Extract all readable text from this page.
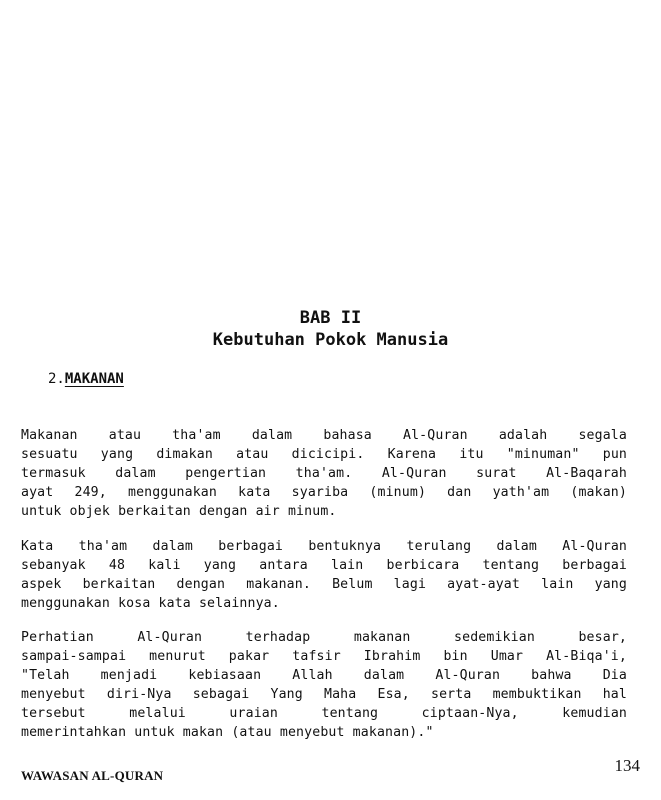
BAB II
Kebutuhan Pokok Manusia
2.MAKANAN
Makanan atau tha'am dalam bahasa Al-Quran adalah segala
sesuatu yang dimakan atau dicicipi. Karena itu "minuman" pun
termasuk dalam pengertian tha'am. Al-Quran surat Al-Baqarah
ayat 249, menggunakan kata syariba (minum) dan yath'am (makan)
untuk objek berkaitan dengan air minum.
Kata tha'am dalam berbagai bentuknya terulang dalam Al-Quran
sebanyak 48 kali yang antara lain berbicara tentang berbagai
aspek berkaitan dengan makanan. Belum lagi ayat-ayat lain yang
menggunakan kosa kata selainnya.
Perhatian Al-Quran terhadap makanan sedemikian besar,
sampai-sampai menurut pakar tafsir Ibrahim bin Umar Al-Biqa'i,
"Telah menjadi kebiasaan Allah dalam Al-Quran bahwa Dia
menyebut diri-Nya sebagai Yang Maha Esa, serta membuktikan hal
tersebut melalui uraian tentang ciptaan-Nya, kemudian
memerintahkan untuk makan (atau menyebut makanan)."
134
WAWASAN AL-QURAN
